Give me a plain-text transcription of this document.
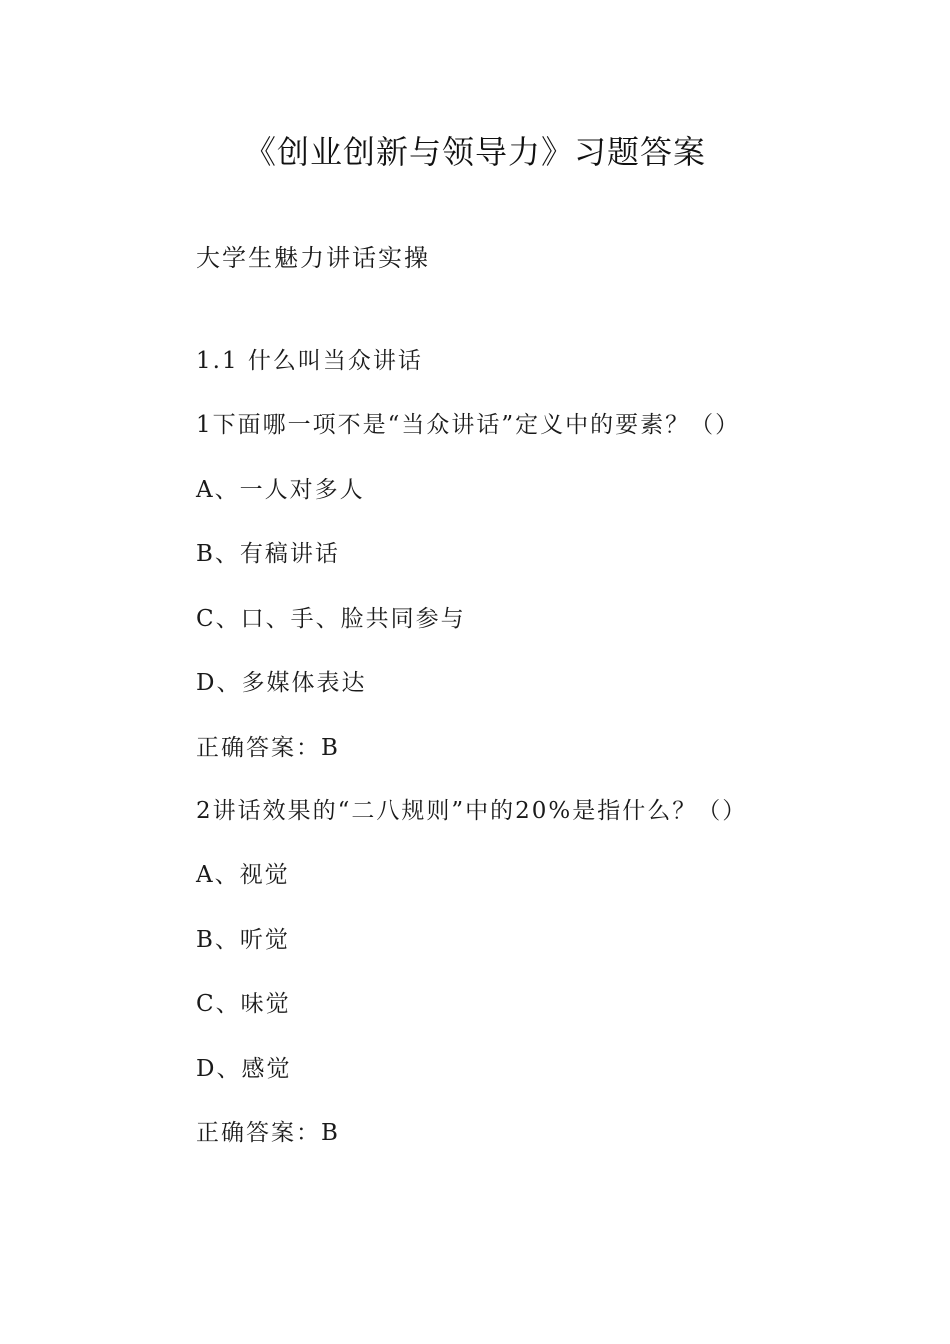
《创业创新与领导力》习题答案
大学生魅力讲话实操
1.1 什么叫当众讲话
1下面哪一项不是“当众讲话”定义中的要素？（）
A、一人对多人
B、有稿讲话
C、口、手、脸共同参与
D、多媒体表达
正确答案：B
2讲话效果的“二八规则”中的20%是指什么？（）
A、视觉
B、听觉
C、味觉
D、感觉
正确答案：B
